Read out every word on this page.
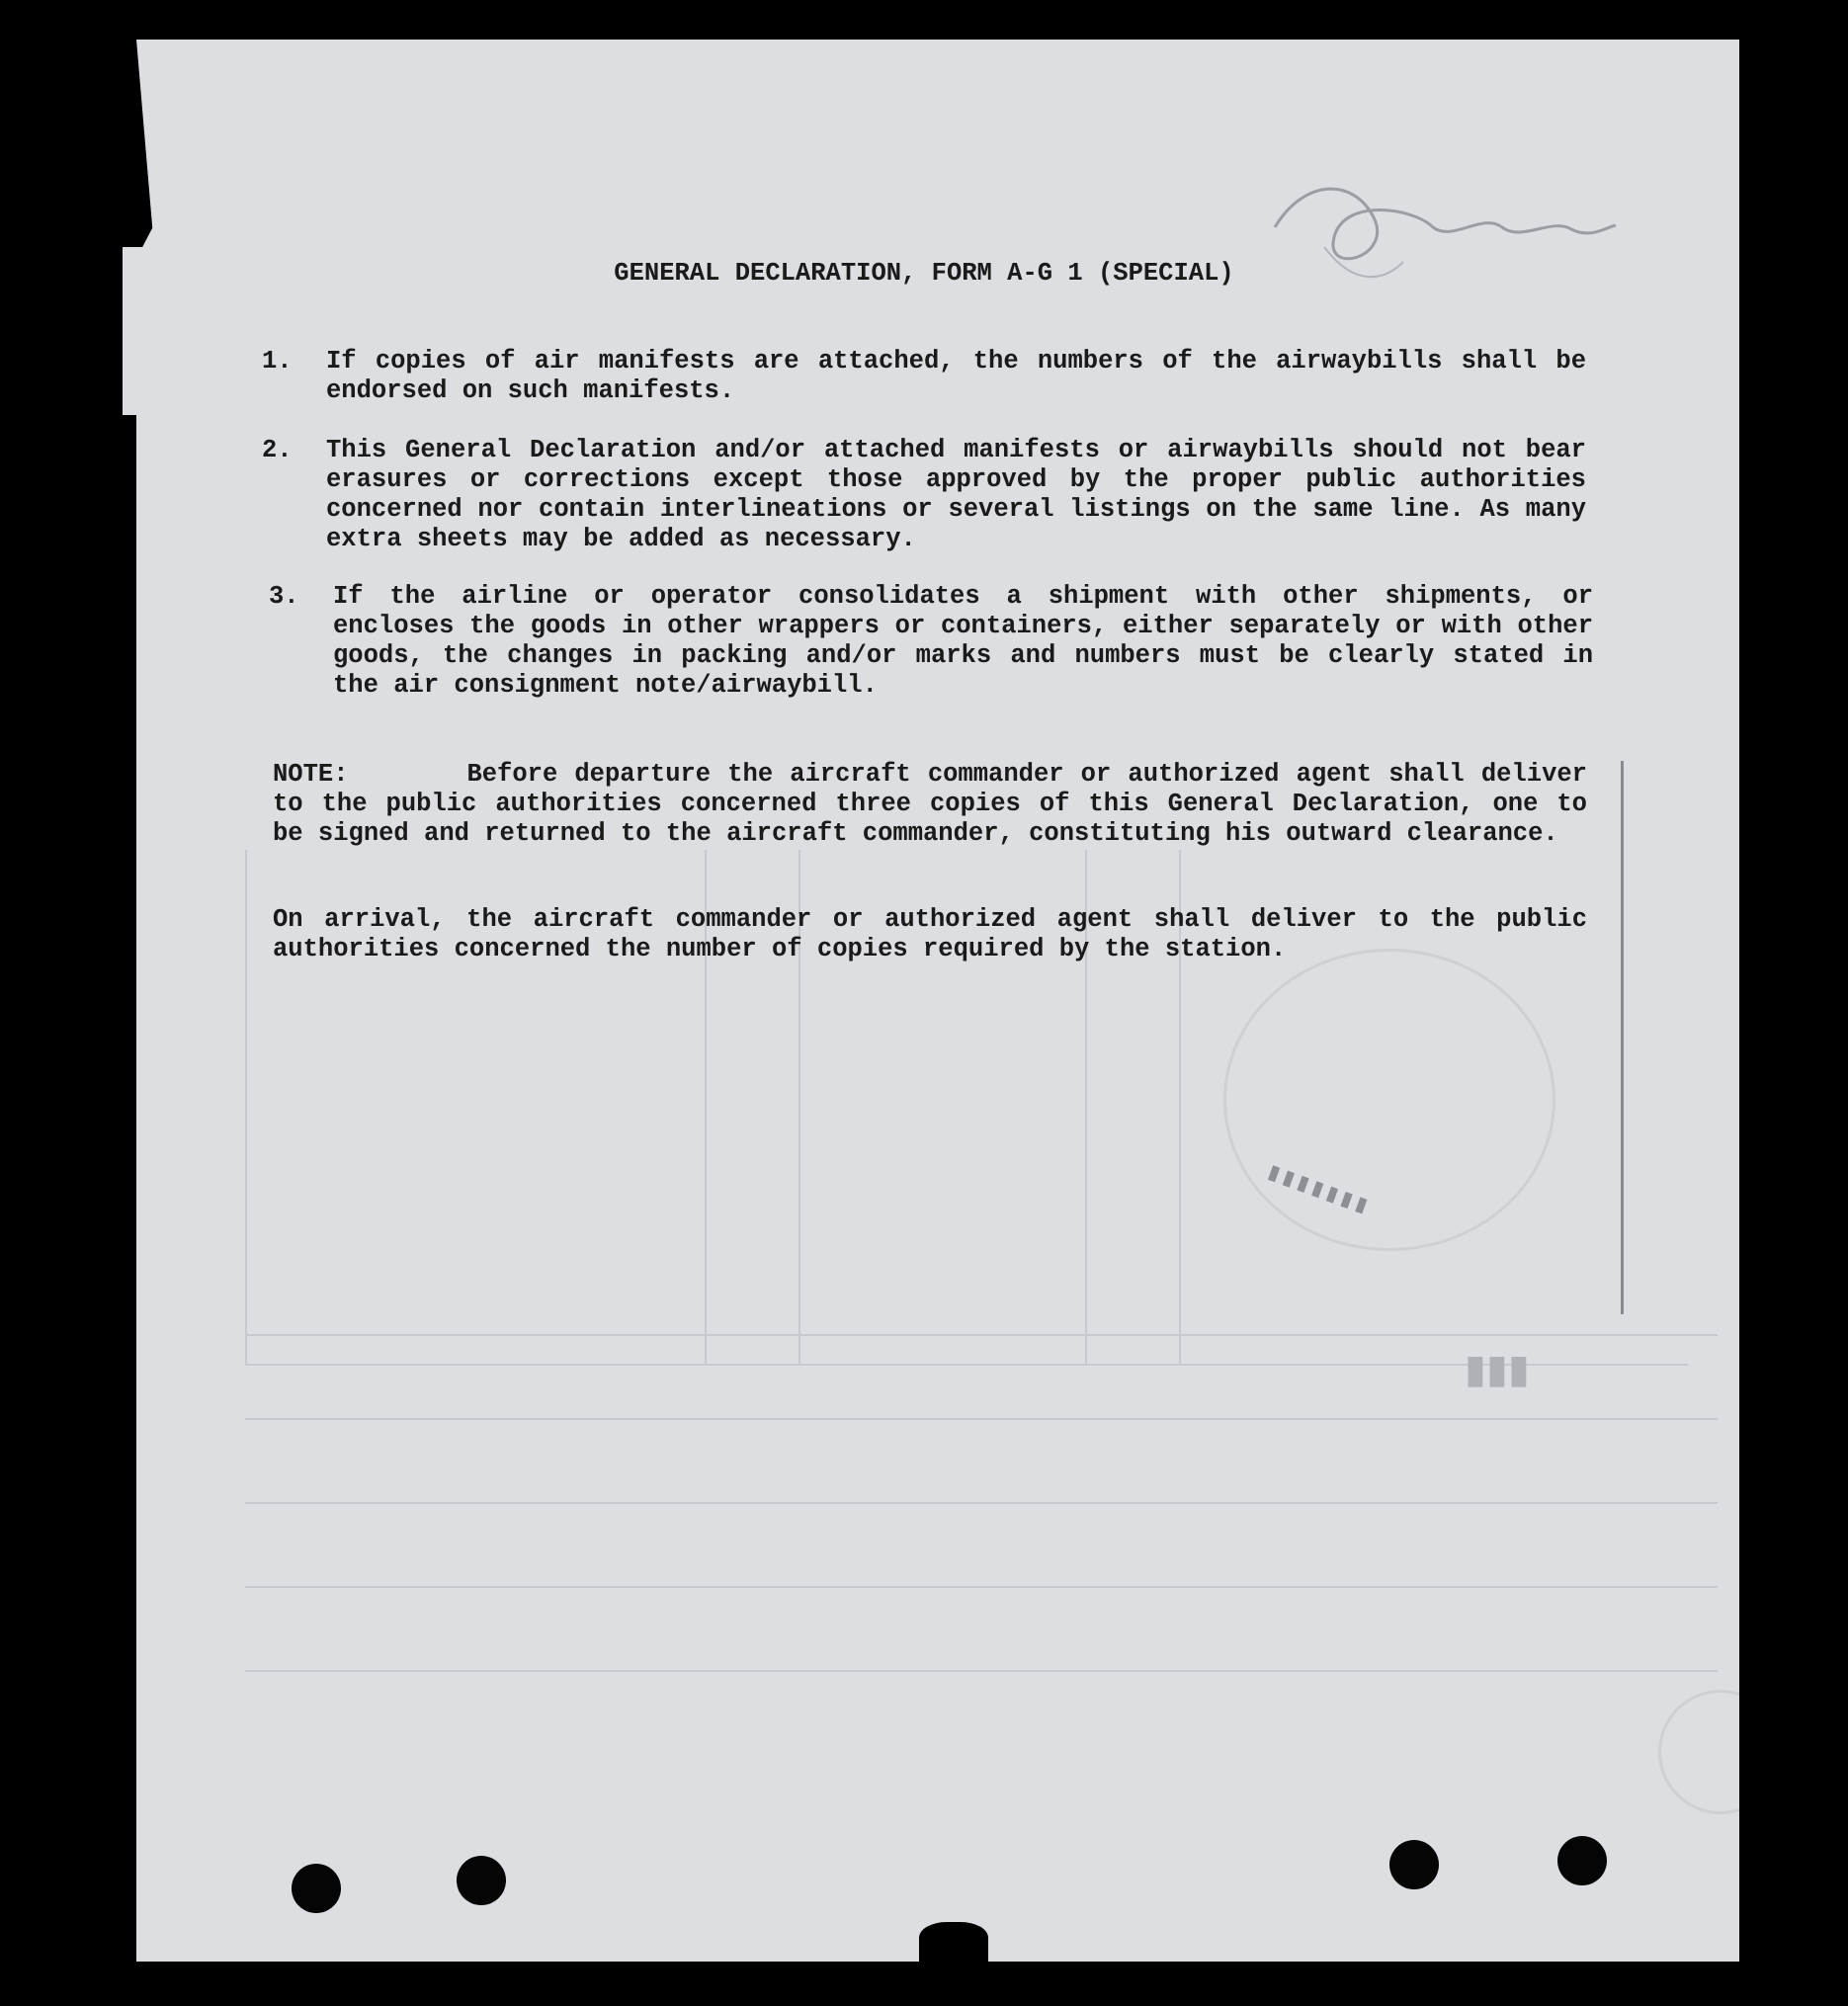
▮▮▮▮▮▮▮
▮▮▮
GENERAL DECLARATION, FORM A-G 1 (SPECIAL)
1.	If copies of air manifests are attached, the numbers of the airwaybills shall be endorsed on such manifests.
2.	This General Declaration and/or attached manifests or airwaybills should not bear erasures or corrections except those approved by the proper public authorities concerned nor contain interlineations or several listings on the same line. As many extra sheets may be added as necessary.
3.	If the airline or operator consolidates a shipment with other shipments, or encloses the goods in other wrappers or containers, either separately or with other goods, the changes in packing and/or marks and numbers must be clearly stated in the air consignment note/airwaybill.
NOTE:	Before departure the aircraft commander or authorized agent shall deliver to the public authorities concerned three copies of this General Declaration, one to be signed and returned to the aircraft commander, constituting his outward clearance.
On arrival, the aircraft commander or authorized agent shall deliver to the public authorities concerned the number of copies required by the station.
